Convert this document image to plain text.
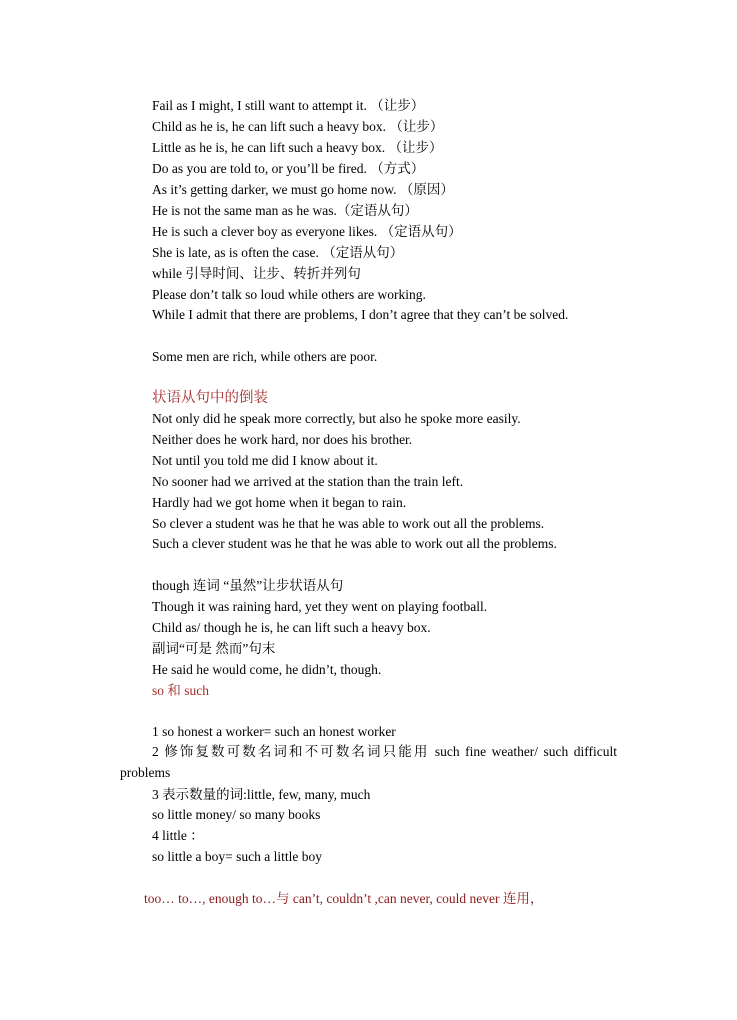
Fail as I might, I still want to attempt it. （让步）
Child as he is, he can lift such a heavy box. （让步）
Little as he is, he can lift such a heavy box. （让步）
Do as you are told to, or you’ll be fired. （方式）
As it’s getting darker, we must go home now. （原因）
He is not the same man as he was.（定语从句）
He is such a clever boy as everyone likes. （定语从句）
She is late, as is often the case. （定语从句）
while 引导时间、让步、转折并列句
Please don’t talk so loud while others are working.
While I admit that there are problems, I don’t agree that they can’t be solved.
Some men are rich, while others are poor.
状语从句中的倒装
Not only did he speak more correctly, but also he spoke more easily.
Neither does he work hard, nor does his brother.
Not until you told me did I know about it.
No sooner had we arrived at the station than the train left.
Hardly had we got home when it began to rain.
So clever a student was he that he was able to work out all the problems.
Such a clever student was he that he was able to work out all the problems.
though 连词 “虽然”让步状语从句
Though it was raining hard, yet they went on playing football.
Child as/ though he is, he can lift such a heavy box.
副词“可是 然而”句末
He said he would come, he didn’t, though.
so 和 such
1 so honest a worker= such an honest worker
2 修饰复数可数名词和不可数名词只能用 such fine weather/ such difficult problems
3 表示数量的词:little, few, many, much
so little money/ so many books
4 little ：
so little a boy= such a little boy
too… to…, enough to…与 can’t, couldn’t ,can never, could never 连用，
